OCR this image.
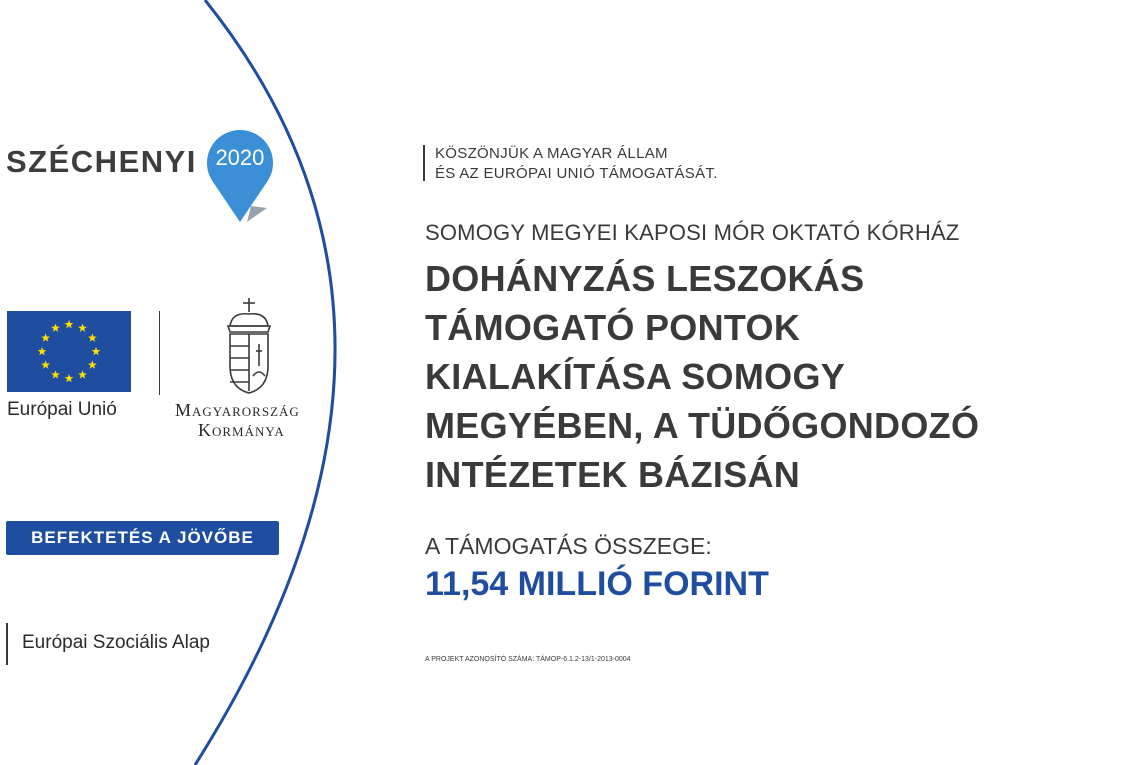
SZÉCHENYI 2020
Európai Unió	Magyarország
Kormánya
BEFEKTETÉS A JÖVŐBE
Európai Szociális Alap
KÖSZÖNJÜK A MAGYAR ÁLLAM
ÉS AZ EURÓPAI UNIÓ TÁMOGATÁSÁT.
SOMOGY MEGYEI KAPOSI MÓR OKTATÓ KÓRHÁZ
DOHÁNYZÁS LESZOKÁS
TÁMOGATÓ PONTOK
KIALAKÍTÁSA SOMOGY
MEGYÉBEN, A TÜDŐGONDOZÓ
INTÉZETEK BÁZISÁN
A TÁMOGATÁS ÖSSZEGE:
11,54 MILLIÓ FORINT
A PROJEKT AZONOSÍTÓ SZÁMA: TÁMOP-6.1.2-13/1-2013-0004
